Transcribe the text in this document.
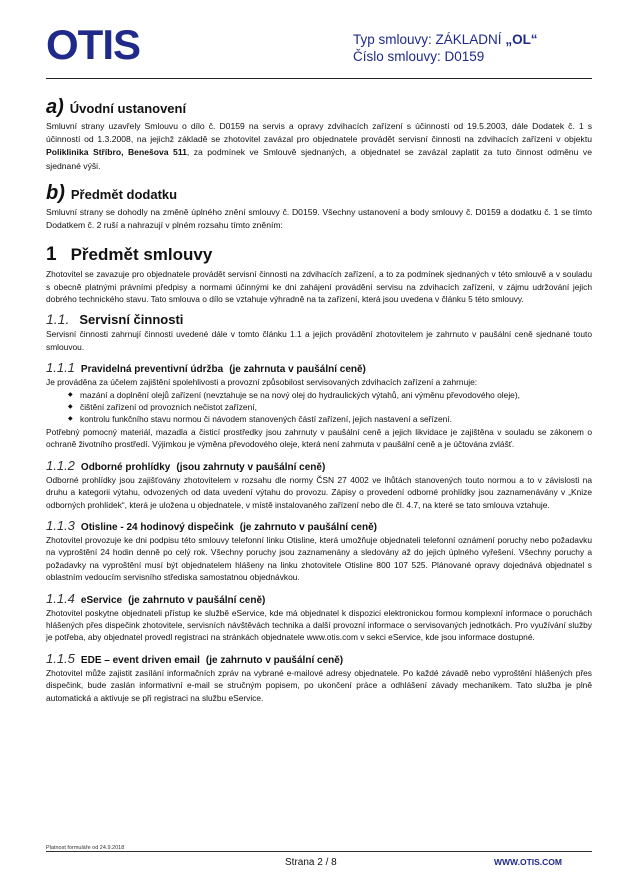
OTIS	Typ smlouvy: ZÁKLADNÍ „OL“
Číslo smlouvy: D0159
a) Úvodní ustanovení

Smluvní strany uzavřely Smlouvu o dílo č. D0159 na servis a opravy zdvihacích zařízení s účinností od 19.5.2003, dále Dodatek č. 1 s účinností od 1.3.2008, na jejichž základě se zhotovitel zavázal pro objednatele provádět servisní činnosti na zdvihacích zařízení v objektu Poliklinika Stříbro, Benešova 511, za podmínek ve Smlouvě sjednaných, a objednatel se zavázal zaplatit za tuto činnost odměnu ve sjednané výši.

b) Předmět dodatku

Smluvní strany se dohodly na změně úplného znění smlouvy č. D0159. Všechny ustanovení a body smlouvy č. D0159 a dodatku č. 1 se tímto Dodatkem č. 2 ruší a nahrazují v plném rozsahu tímto zněním:

1 Předmět smlouvy

Zhotovitel se zavazuje pro objednatele provádět servisní činnosti na zdvihacích zařízení, a to za podmínek sjednaných v této smlouvě a v souladu s obecně platnými právními předpisy a normami účinnými ke dni zahájení provádění servisu na zdvihacích zařízení, v zájmu udržování jejich dobrého technického stavu. Tato smlouva o dílo se vztahuje výhradně na ta zařízení, která jsou uvedena v článku 5 této smlouvy.

1.1. Servisní činnosti

Servisní činnosti zahrnují činnosti uvedené dále v tomto článku 1.1 a jejich provádění zhotovitelem je zahrnuto v paušální ceně sjednané touto smlouvou.

1.1.1 Pravidelná preventivní údržba (je zahrnuta v paušální ceně)

Je prováděna za účelem zajištění spolehlivosti a provozní způsobilost servisovaných zdvihacích zařízení a zahrnuje:

◆ mazání a doplnění olejů zařízení (nevztahuje se na nový olej do hydraulických výtahů, ani výměnu převodového oleje),
◆ čištění zařízení od provozních nečistot zařízení,
◆ kontrolu funkčního stavu normou či návodem stanovených částí zařízení, jejich nastavení a seřízení.

Potřebný pomocný materiál, mazadla a čisticí prostředky jsou zahrnuty v paušální ceně a jejich likvidace je zajištěna v souladu se zákonem o ochraně životního prostředí. Výjimkou je výměna převodového oleje, která není zahrnuta v paušální ceně a je účtována zvlášť.

1.1.2 Odborné prohlídky (jsou zahrnuty v paušální ceně)

Odborné prohlídky jsou zajišťovány zhotovitelem v rozsahu dle normy ČSN 27 4002 ve lhůtách stanovených touto normou a to v závislosti na druhu a kategorii výtahu, odvozených od data uvedení výtahu do provozu. Zápisy o provedení odborné prohlídky jsou zaznamenávány v „Knize odborných prohlídek“, která je uložena u objednatele, v místě instalovaného zařízení nebo dle čl. 4.7, na které se tato smlouva vztahuje.

1.1.3 Otisline - 24 hodinový dispečink (je zahrnuto v paušální ceně)

Zhotovitel provozuje ke dni podpisu této smlouvy telefonní linku Otisline, která umožňuje objednateli telefonní oznámení poruchy nebo požadavku na vyproštění 24 hodin denně po celý rok. Všechny poruchy jsou zaznamenány a sledovány až do jejich úplného vyřešení. Všechny poruchy a požadavky na vyproštění musí být objednatelem hlášeny na linku zhotovitele Otisline 800 107 525. Plánované opravy dojednává objednatel s oblastním vedoucím servisního střediska samostatnou objednávkou.

1.1.4 eService (je zahrnuto v paušální ceně)

Zhotovitel poskytne objednateli přístup ke službě eService, kde má objednatel k dispozici elektronickou formou komplexní informace o poruchách hlášených přes dispečink zhotovitele, servisních návštěvách technika a další provozní informace o servisovaných jednotkách. Pro využívání služby je potřeba, aby objednatel provedl registraci na stránkách objednatele www.otis.com v sekci eService, kde jsou informace dostupné.

1.1.5 EDE – event driven email (je zahrnuto v paušální ceně)

Zhotovitel může zajistit zasílání informačních zpráv na vybrané e-mailové adresy objednatele. Po každé závadě nebo vyproštění hlášených přes dispečink, bude zaslán informativní e-mail se stručným popisem, po ukončení práce a odhlášení závady mechanikem. Tato služba je plně automatická a aktivuje se při registraci na službu eService.

Platnost formuláře od 24.9.2018
Strana 2 / 8	WWW.OTIS.COM
